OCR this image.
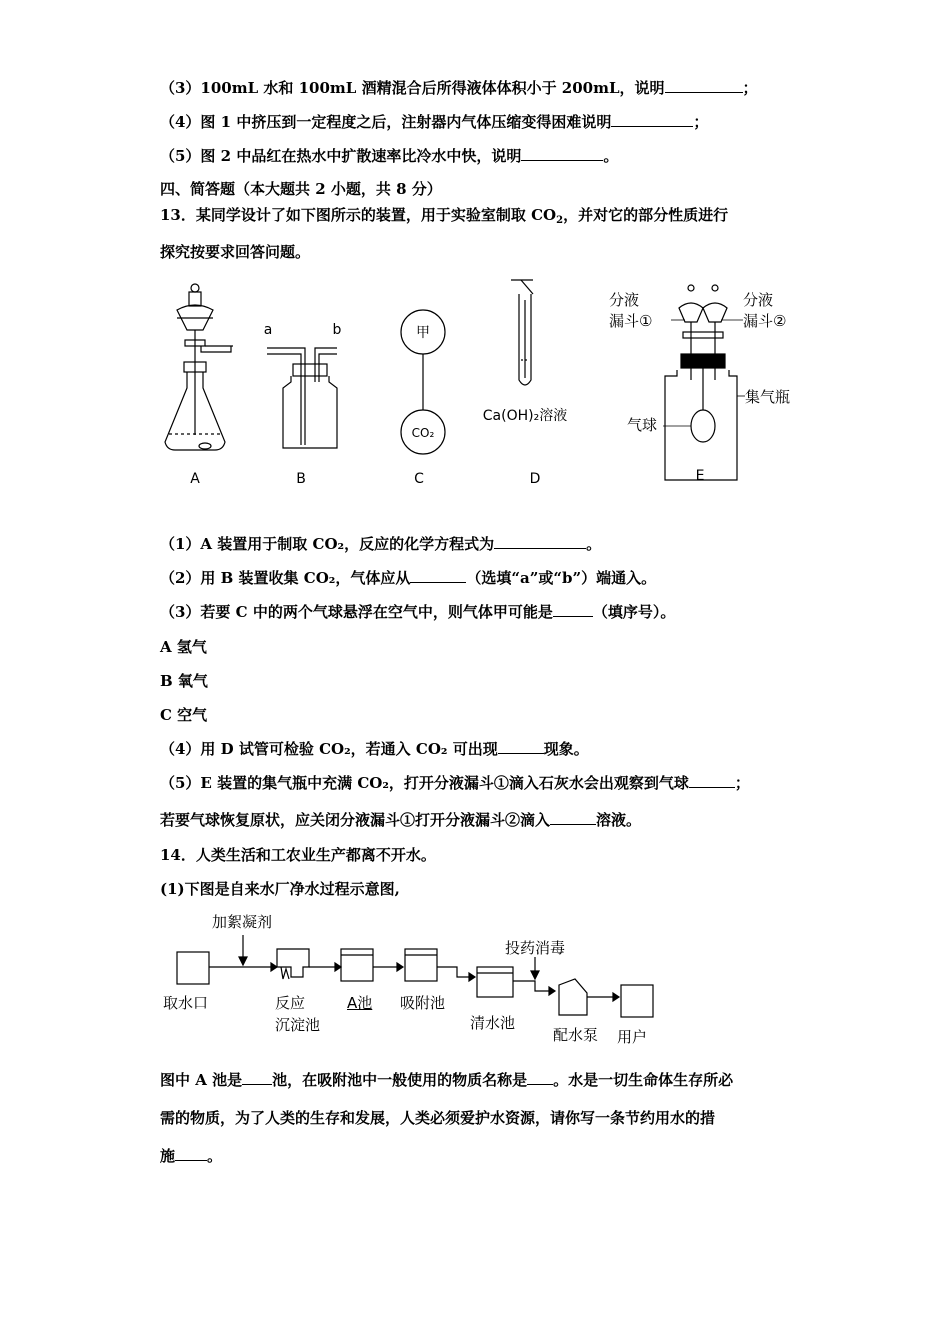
（3）100mL 水和 100mL 酒精混合后所得液体体积小于 200mL，说明	；
（4）图 1 中挤压到一定程度之后，注射器内气体压缩变得困难说明	；
（5）图 2 中品红在热水中扩散速率比冷水中快，说明	。
四、简答题（本大题共 2 小题，共 8 分）
13．某同学设计了如下图所示的装置，用于实验室制取 $CO_2$，并对它的部分性质进行
探究按要求回答问题。
A	B
a	b	甲
CO₂
C
Ca(OH)₂溶液
D	E
分液
漏斗①
分液
漏斗②
集气瓶
气球
（1）A 装置用于制取 CO₂，反应的化学方程式为	。
（2）用 B 装置收集 CO₂，气体应从	（选填“a”或“b”）端通入。
（3）若要 C 中的两个气球悬浮在空气中，则气体甲可能是	（填序号）。
A 氢气
B 氧气
C 空气
（4）用 D 试管可检验 CO₂，若通入 CO₂ 可出现	现象。
（5）E 装置的集气瓶中充满 CO₂，打开分液漏斗①滴入石灰水会出观察到气球	；
若要气球恢复原状，应关闭分液漏斗①打开分液漏斗②滴入	溶液。
14．人类生活和工农业生产都离不开水。
(1)下图是自来水厂净水过程示意图,
加絮凝剂
投药消毒
取水口	反应
沉淀池
A池 吸附池
清水池
配水泵 用户
图中 A 池是 池，在吸附池中一般使用的物质名称是 。水是一切生命体生存所必
需的物质，为了人类的生存和发展，人类必须爱护水资源，请你写一条节约用水的措
施 。
